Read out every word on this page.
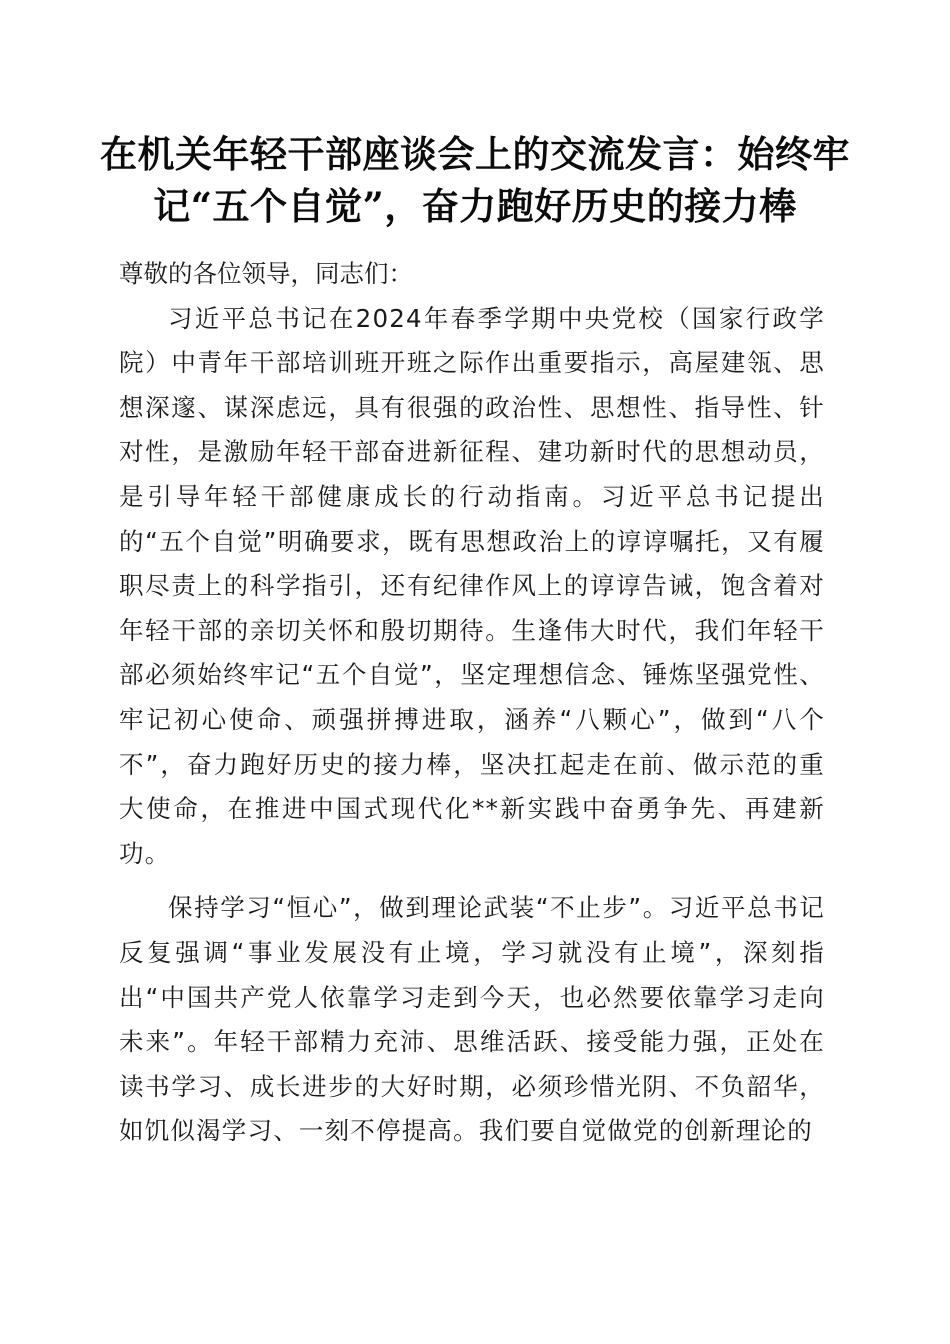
在机关年轻干部座谈会上的交流发言：始终牢
记“五个自觉”，奋力跑好历史的接力棒

尊敬的各位领导，同志们：

习近平总书记在2024年春季学期中央党校（国家行政学院）中青年干部培训班开班之际作出重要指示，高屋建瓴、思想深邃、谋深虑远，具有很强的政治性、思想性、指导性、针对性，是激励年轻干部奋进新征程、建功新时代的思想动员，是引导年轻干部健康成长的行动指南。习近平总书记提出的“五个自觉”明确要求，既有思想政治上的谆谆嘱托，又有履职尽责上的科学指引，还有纪律作风上的谆谆告诫，饱含着对年轻干部的亲切关怀和殷切期待。生逢伟大时代，我们年轻干部必须始终牢记“五个自觉”，坚定理想信念、锤炼坚强党性、牢记初心使命、顽强拼搏进取，涵养“八颗心”，做到“八个不”，奋力跑好历史的接力棒，坚决扛起走在前、做示范的重大使命，在推进中国式现代化**新实践中奋勇争先、再建新功。

保持学习“恒心”，做到理论武装“不止步”。习近平总书记反复强调“事业发展没有止境，学习就没有止境”，深刻指出“中国共产党人依靠学习走到今天，也必然要依靠学习走向未来”。年轻干部精力充沛、思维活跃、接受能力强，正处在读书学习、成长进步的大好时期，必须珍惜光阴、不负韶华，如饥似渴学习、一刻不停提高。我们要自觉做党的创新理论的
